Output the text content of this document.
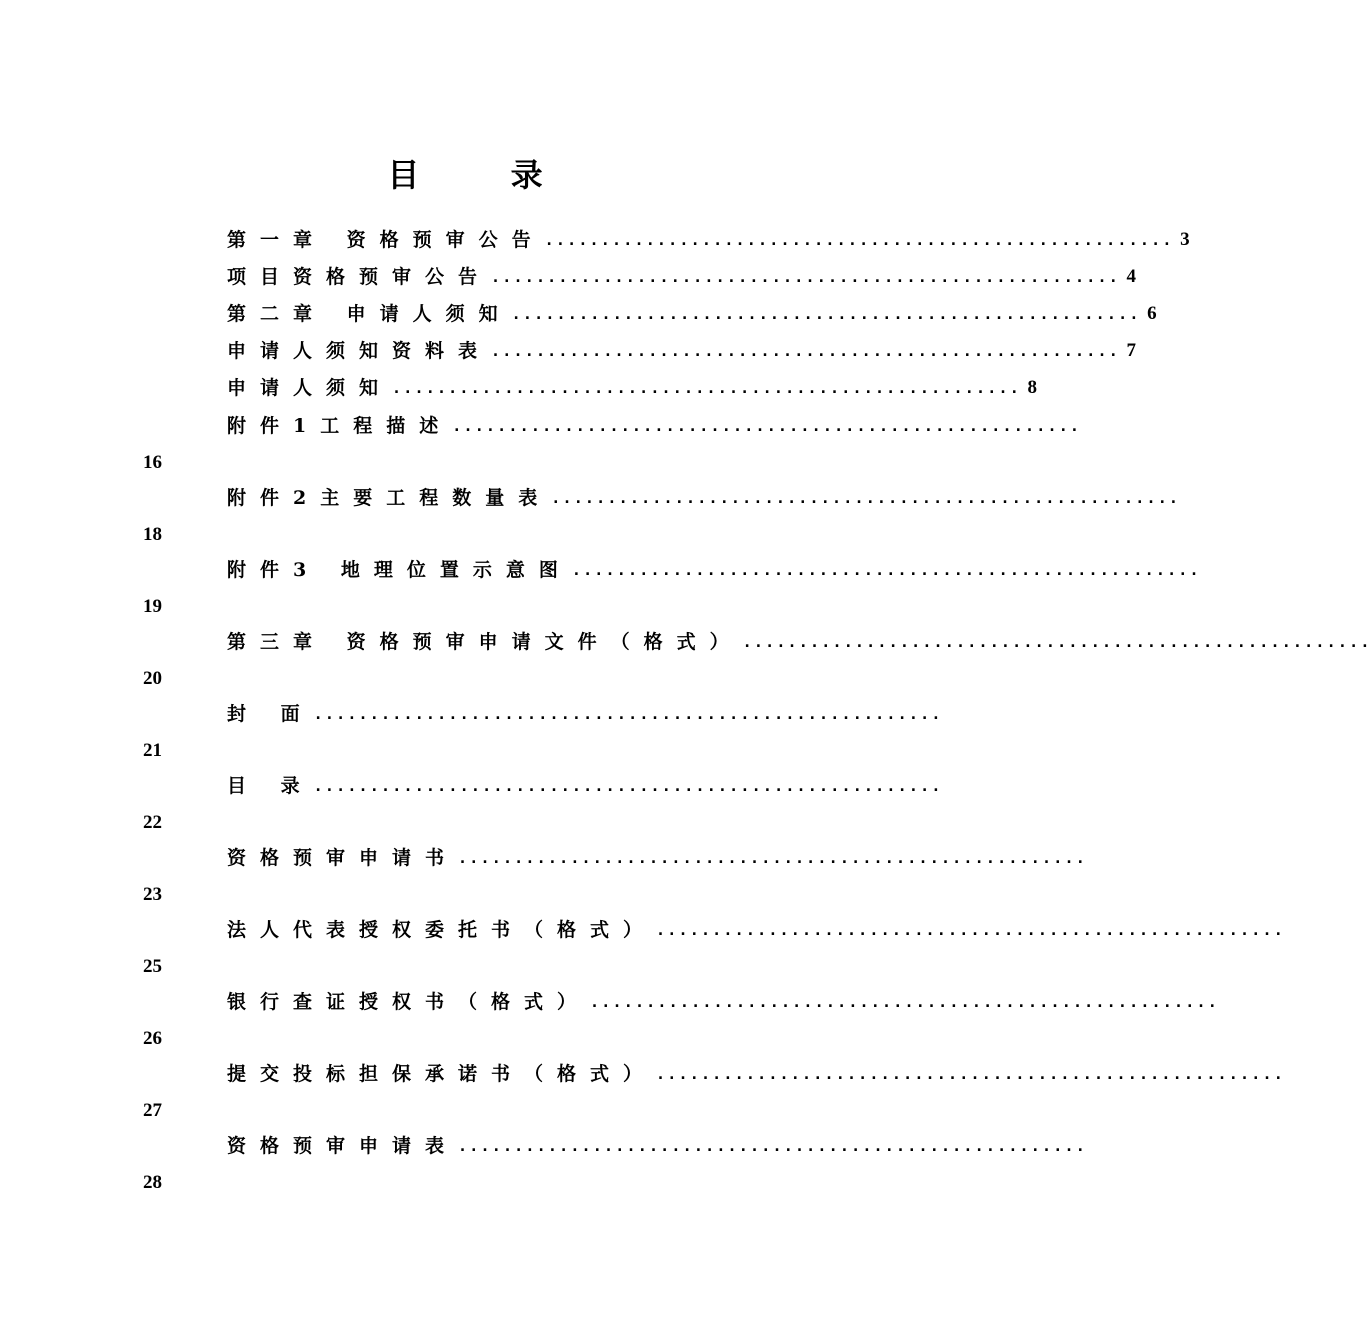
目 录
第一章 资格预审公告 ........................................................ 3
项目资格预审公告 ........................................................ 4
第二章 申请人须知 ........................................................ 6
申请人须知资料表 ........................................................ 7
申请人须知 ........................................................ 8
附件1工程描述 ........................................................
16
附件2主要工程数量表 ........................................................
18
附件3 地理位置示意图 ........................................................
19
第三章 资格预审申请文件（格式） ........................................................
20
封 面 ........................................................
21
目 录 ........................................................
22
资格预审申请书 ........................................................
23
法人代表授权委托书（格式） ........................................................
25
银行查证授权书（格式） ........................................................
26
提交投标担保承诺书（格式） ........................................................
27
资格预审申请表 ........................................................
28
